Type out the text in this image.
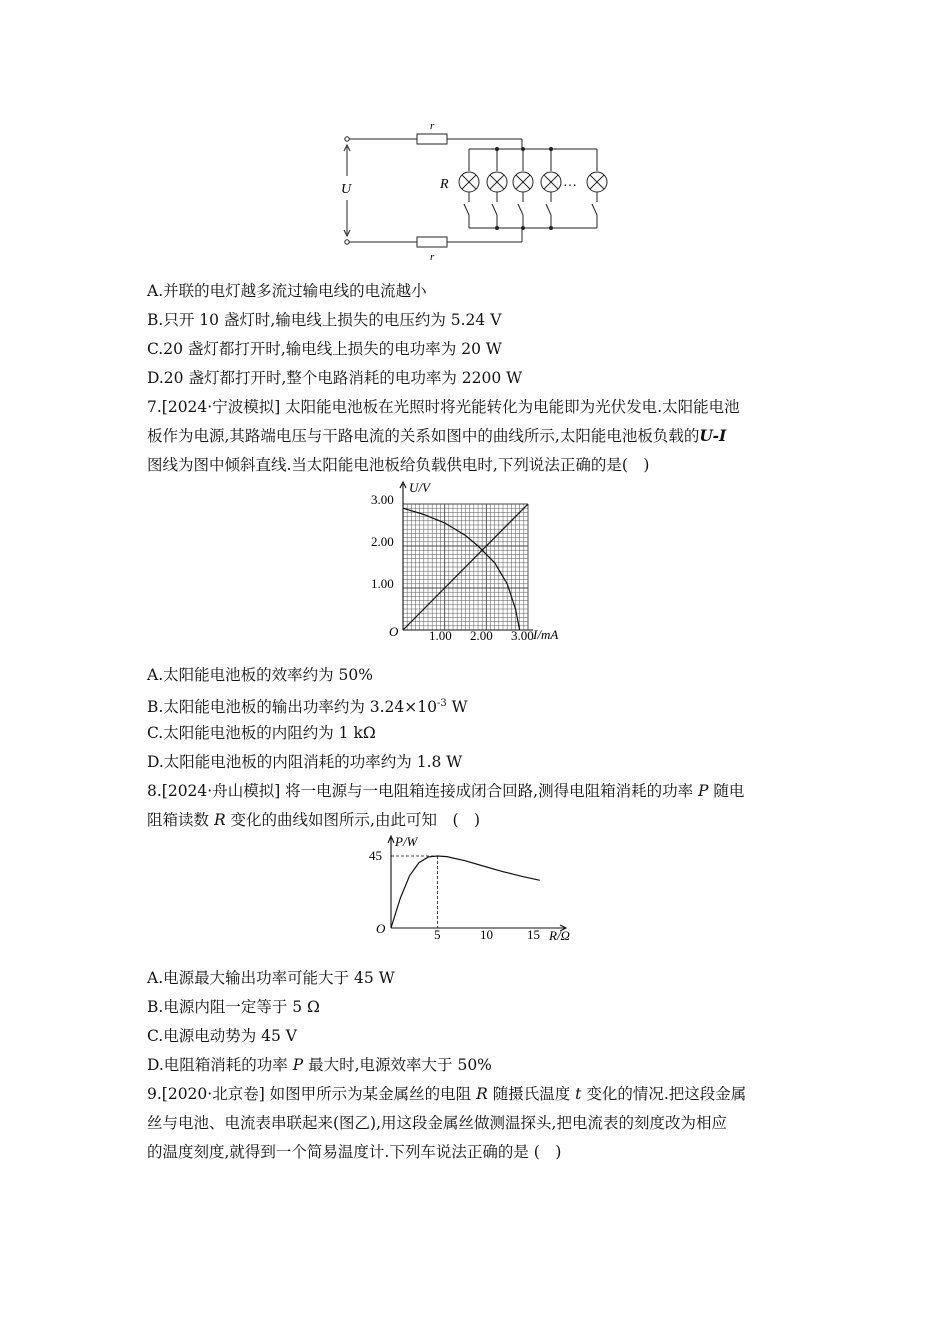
r
r
U	R	…
A.并联的电灯越多流过输电线的电流越小
B.只开 10 盏灯时,输电线上损失的电压约为 5.24 V
C.20 盏灯都打开时,输电线上损失的电功率为 20 W
D.20 盏灯都打开时,整个电路消耗的电功率为 2200 W
7.[2024·宁波模拟] 太阳能电池板在光照时将光能转化为电能即为光伏发电.太阳能电池
板作为电源,其路端电压与干路电流的关系如图中的曲线所示,太阳能电池板负载的U-I
图线为图中倾斜直线.当太阳能电池板给负载供电时,下列说法正确的是(　)
U/V
I/mA
O
1.00
2.00
3.00
1.00 2.00 3.00
A.太阳能电池板的效率约为 50%
B.太阳能电池板的输出功率约为 $3.24\times 10^{-3}$ W
C.太阳能电池板的内阻约为 1 kΩ
D.太阳能电池板的内阻消耗的功率约为 1.8 W
8.[2024·舟山模拟] 将一电源与一电阻箱连接成闭合回路,测得电阻箱消耗的功率 P 随电
阻箱读数 R 变化的曲线如图所示,由此可知　(　)
P/W
R/Ω
O
45
5	10	15
A.电源最大输出功率可能大于 45 W
B.电源内阻一定等于 5 Ω
C.电源电动势为 45 V
D.电阻箱消耗的功率 P 最大时,电源效率大于 50%
9.[2020·北京卷] 如图甲所示为某金属丝的电阻 R 随摄氏温度 t 变化的情况.把这段金属
丝与电池、电流表串联起来(图乙),用这段金属丝做测温探头,把电流表的刻度改为相应
的温度刻度,就得到一个简易温度计.下列车说法正确的是 (　)
